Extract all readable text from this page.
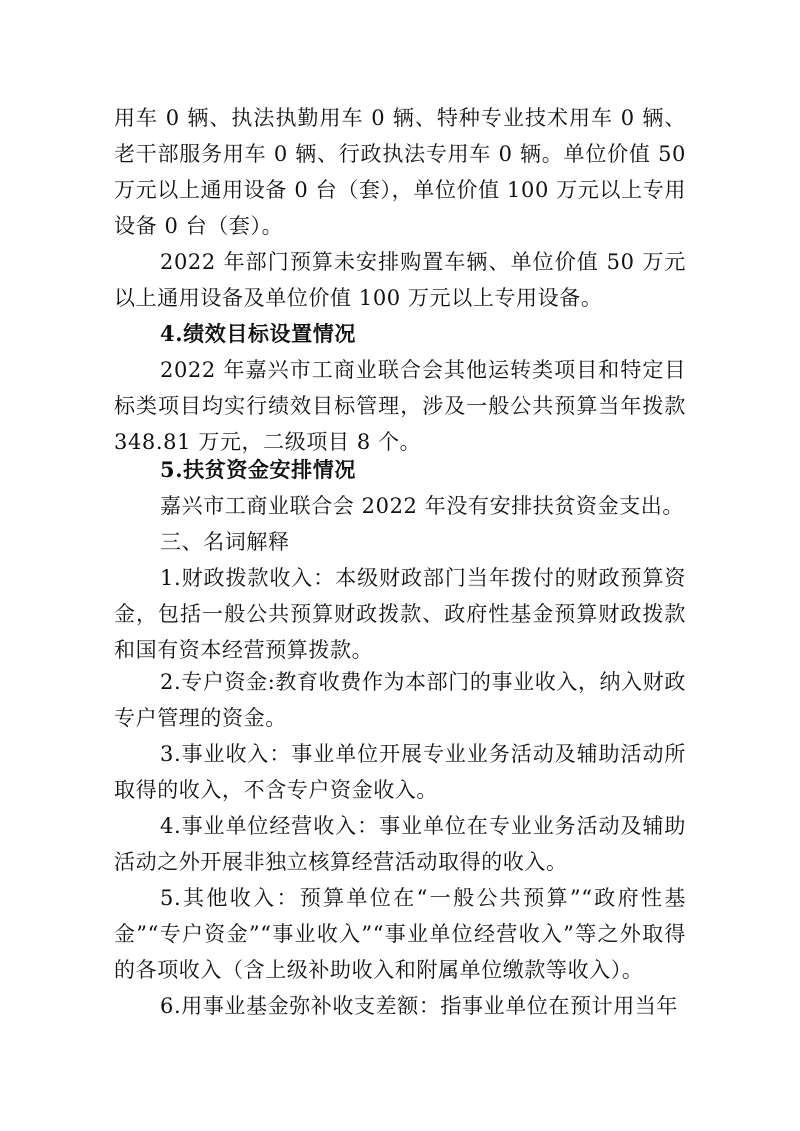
用车 0 辆、执法执勤用车 0 辆、特种专业技术用车 0 辆、老干部服务用车 0 辆、行政执法专用车 0 辆。单位价值 50 万元以上通用设备 0 台（套），单位价值 100 万元以上专用设备 0 台（套）。

2022 年部门预算未安排购置车辆、单位价值 50 万元以上通用设备及单位价值 100 万元以上专用设备。

4.绩效目标设置情况

2022 年嘉兴市工商业联合会其他运转类项目和特定目标类项目均实行绩效目标管理，涉及一般公共预算当年拨款 348.81 万元，二级项目 8 个。

5.扶贫资金安排情况

嘉兴市工商业联合会 2022 年没有安排扶贫资金支出。

三、名词解释

1.财政拨款收入：本级财政部门当年拨付的财政预算资金，包括一般公共预算财政拨款、政府性基金预算财政拨款和国有资本经营预算拨款。

2.专户资金:教育收费作为本部门的事业收入，纳入财政专户管理的资金。

3.事业收入：事业单位开展专业业务活动及辅助活动所取得的收入，不含专户资金收入。

4.事业单位经营收入：事业单位在专业业务活动及辅助活动之外开展非独立核算经营活动取得的收入。

5.其他收入：预算单位在“一般公共预算”“政府性基金”“专户资金”“事业收入”“事业单位经营收入”等之外取得的各项收入（含上级补助收入和附属单位缴款等收入）。

6.用事业基金弥补收支差额：指事业单位在预计用当年
